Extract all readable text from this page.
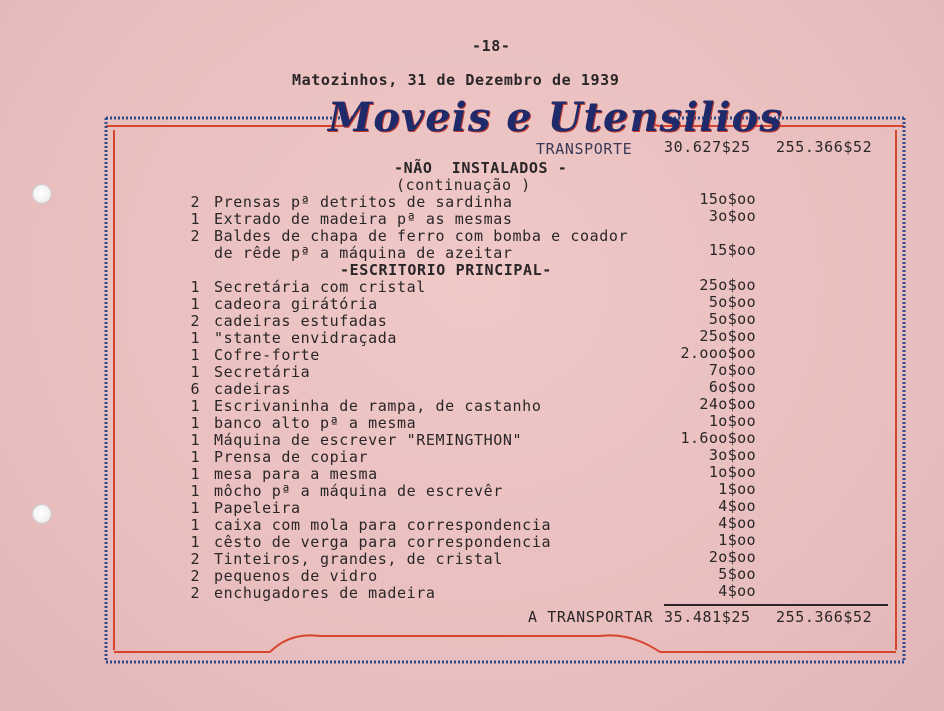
-18-
Matozinhos, 31 de Dezembro de 1939
Moveis e Utensilios
TRANSPORTE 30.627$25 255.366$52
-NÃO  INSTALADOS -
(continuação )
2 Prensas pª detritos de sardinha	15o$oo
1 Extrado de madeira pª as mesmas	3o$oo
2 Baldes de chapa de ferro com bomba e coador
de rêde pª a máquina de azeitar	15$oo
-ESCRITORIO PRINCIPAL-
1 Secretária com cristal	25o$oo
1 cadeora girátória	5o$oo
2 cadeiras estufadas	5o$oo
1 "stante envidraçada	25o$oo
1 Cofre-forte	2.ooo$oo
1 Secretária	7o$oo
6 cadeiras	6o$oo
1 Escrivaninha de rampa, de castanho	24o$oo
1 banco alto pª a mesma	1o$oo
1 Máquina de escrever "REMINGTHON"	1.6oo$oo
1 Prensa de copiar	3o$oo
1 mesa para a mesma	1o$oo
1 môcho pª a máquina de escrevêr	1$oo
1 Papeleira	4$oo
1 caixa com mola para correspondencia	4$oo
1 cêsto de verga para correspondencia	1$oo
2 Tinteiros, grandes, de cristal	2o$oo
2 pequenos de vidro	5$oo
2 enchugadores de madeira	4$oo
A TRANSPORTAR 35.481$25 255.366$52
